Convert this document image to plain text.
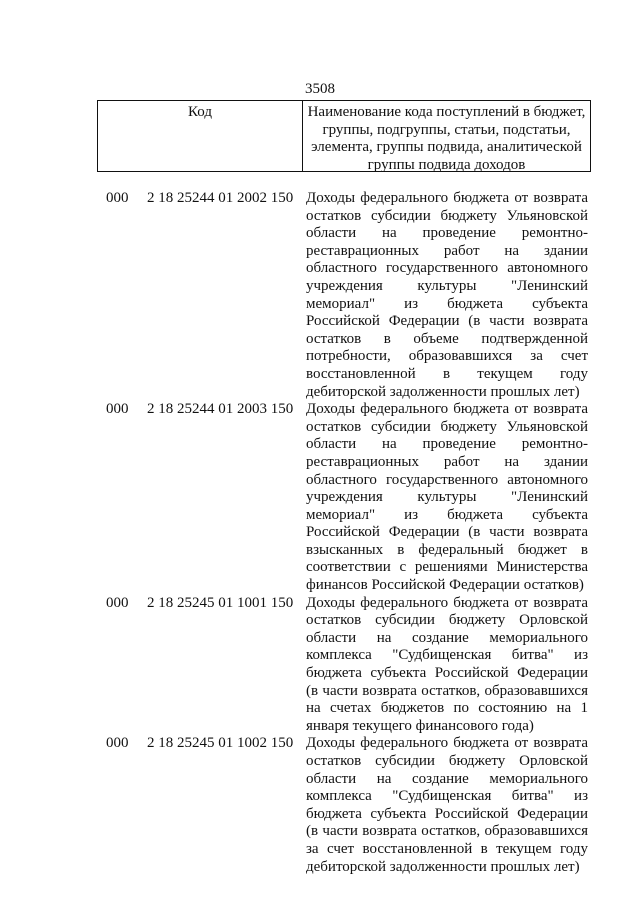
3508
Код	Наименование кода поступлений в бюджет, группы, подгруппы, статьи, подстатьи, элемента, группы подвида, аналитической группы подвида доходов
000 2 18 25244 01 2002 150 Доходы федерального бюджета от возврата остатков субсидии бюджету Ульяновской области на проведение ремонтно-реставрационных работ на здании областного государственного автономного учреждения культуры "Ленинский мемориал" из бюджета субъекта Российской Федерации (в части возврата остатков в объеме подтвержденной потребности, образовавшихся за счет восстановленной в текущем году дебиторской задолженности прошлых лет)
000 2 18 25244 01 2003 150 Доходы федерального бюджета от возврата остатков субсидии бюджету Ульяновской области на проведение ремонтно-реставрационных работ на здании областного государственного автономного учреждения культуры "Ленинский мемориал" из бюджета субъекта Российской Федерации (в части возврата взысканных в федеральный бюджет в соответствии с решениями Министерства финансов Российской Федерации остатков)
000 2 18 25245 01 1001 150 Доходы федерального бюджета от возврата остатков субсидии бюджету Орловской области на создание мемориального комплекса "Судбищенская битва" из бюджета субъекта Российской Федерации (в части возврата остатков, образовавшихся на счетах бюджетов по состоянию на 1 января текущего финансового года)
000 2 18 25245 01 1002 150 Доходы федерального бюджета от возврата остатков субсидии бюджету Орловской области на создание мемориального комплекса "Судбищенская битва" из бюджета субъекта Российской Федерации (в части возврата остатков, образовавшихся за счет восстановленной в текущем году дебиторской задолженности прошлых лет)
